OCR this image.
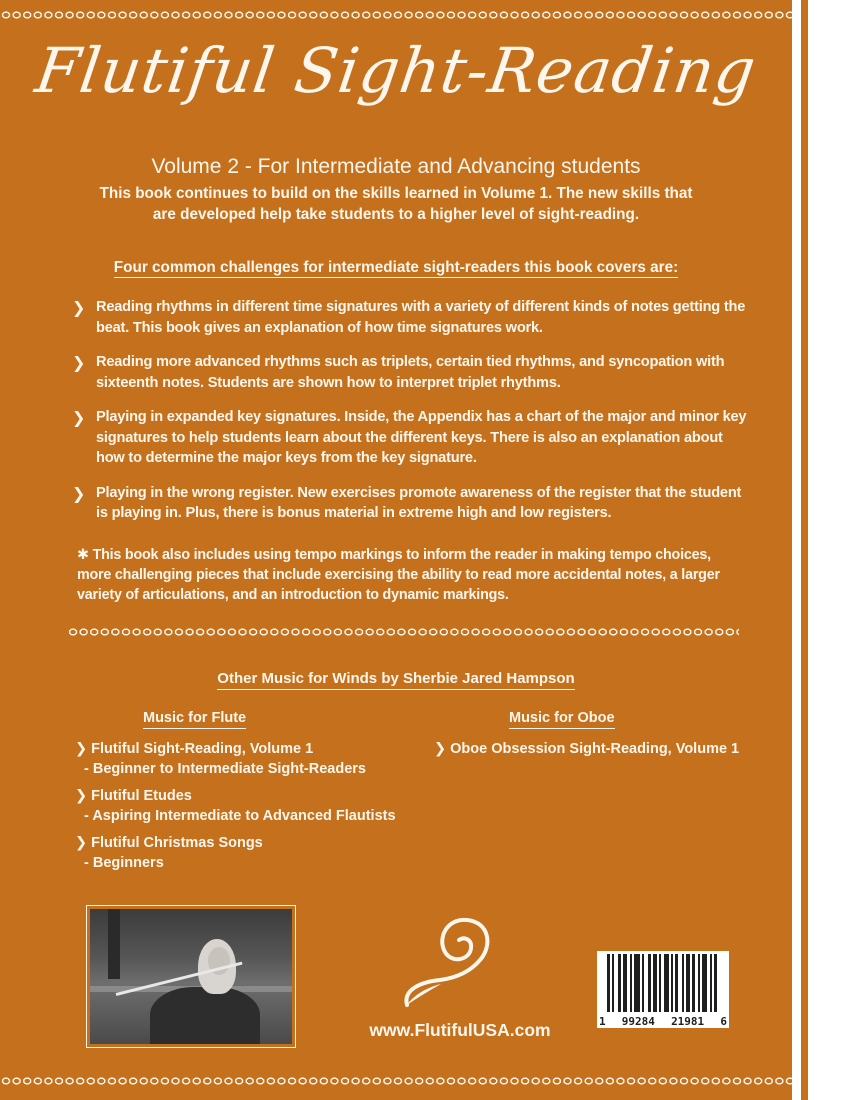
Flutiful Sight-Reading
Volume 2 - For Intermediate and Advancing students
This book continues to build on the skills learned in Volume 1. The new skills that are developed help take students to a higher level of sight-reading.
Four common challenges for intermediate sight-readers this book covers are:
❯ Reading rhythms in different time signatures with a variety of different kinds of notes getting the beat. This book gives an explanation of how time signatures work.
❯ Reading more advanced rhythms such as triplets, certain tied rhythms, and syncopation with sixteenth notes. Students are shown how to interpret triplet rhythms.
❯ Playing in expanded key signatures. Inside, the Appendix has a chart of the major and minor key signatures to help students learn about the different keys. There is also an explanation about how to determine the major keys from the key signature.
❯ Playing in the wrong register. New exercises promote awareness of the register that the student is playing in. Plus, there is bonus material in extreme high and low registers.
✱ This book also includes using tempo markings to inform the reader in making tempo choices, more challenging pieces that include exercising the ability to read more accidental notes, a larger variety of articulations, and an introduction to dynamic markings.
Other Music for Winds by Sherbie Jared Hampson
Music for Flute	Music for Oboe
❯ Flutiful Sight-Reading, Volume 1
- Beginner to Intermediate Sight-Readers
❯ Flutiful Etudes
- Aspiring Intermediate to Advanced Flautists
❯ Flutiful Christmas Songs
- Beginners
❯ Oboe Obsession Sight-Reading, Volume 1
www.FlutifulUSA.com	1 99284 21981 6
